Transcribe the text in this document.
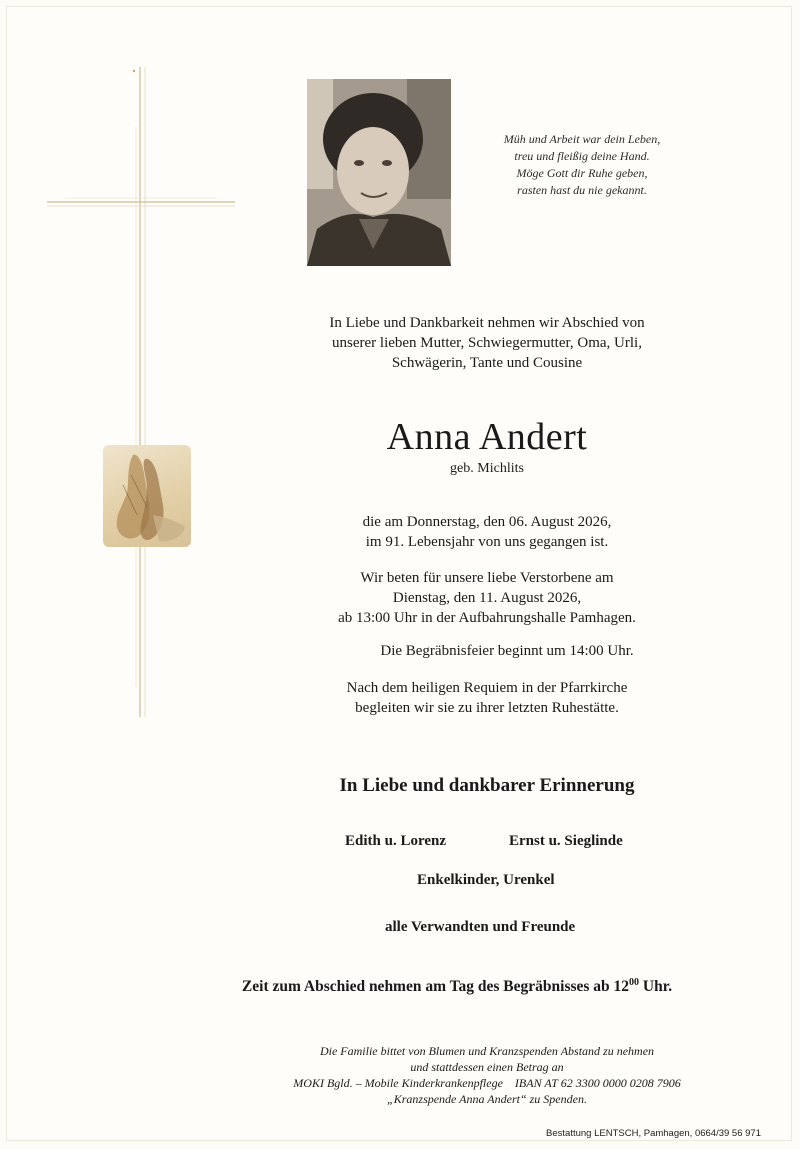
Müh und Arbeit war dein Leben,
treu und fleißig deine Hand.
Möge Gott dir Ruhe geben,
rasten hast du nie gekannt.
In Liebe und Dankbarkeit nehmen wir Abschied von
unserer lieben Mutter, Schwiegermutter, Oma, Urli,
Schwägerin, Tante und Cousine
Anna Andert
geb. Michlits
die am Donnerstag, den 06. August 2026,
im 91. Lebensjahr von uns gegangen ist.
Wir beten für unsere liebe Verstorbene am
Dienstag, den 11. August 2026,
ab 13:00 Uhr in der Aufbahrungshalle Pamhagen.
Die Begräbnisfeier beginnt um 14:00 Uhr.
Nach dem heiligen Requiem in der Pfarrkirche
begleiten wir sie zu ihrer letzten Ruhestätte.
In Liebe und dankbarer Erinnerung
Edith u. Lorenz	Ernst u. Sieglinde
Enkelkinder, Urenkel
alle Verwandten und Freunde
Zeit zum Abschied nehmen am Tag des Begräbnisses ab $12^{00}$ Uhr.
Die Familie bittet von Blumen und Kranzspenden Abstand zu nehmen
und stattdessen einen Betrag an
MOKI Bgld. – Mobile Kinderkrankenpflege    IBAN AT 62 3300 0000 0208 7906
„Kranzspende Anna Andert“ zu Spenden.
Bestattung LENTSCH, Pamhagen, 0664/39 56 971
